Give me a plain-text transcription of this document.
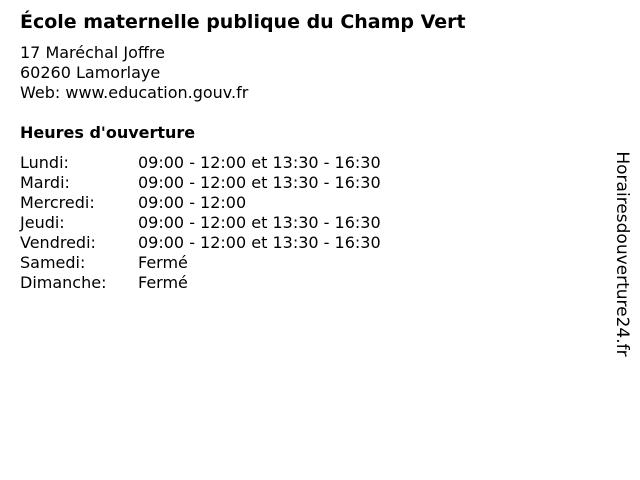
École maternelle publique du Champ Vert
17 Maréchal Joffre
60260 Lamorlaye
Web: www.education.gouv.fr
Heures d'ouverture
Lundi:	09:00 - 12:00 et 13:30 - 16:30
Mardi:	09:00 - 12:00 et 13:30 - 16:30
Mercredi:	09:00 - 12:00
Jeudi:	09:00 - 12:00 et 13:30 - 16:30
Vendredi:	09:00 - 12:00 et 13:30 - 16:30
Samedi:	Fermé
Dimanche: Fermé	Horairesdouverture24.fr
